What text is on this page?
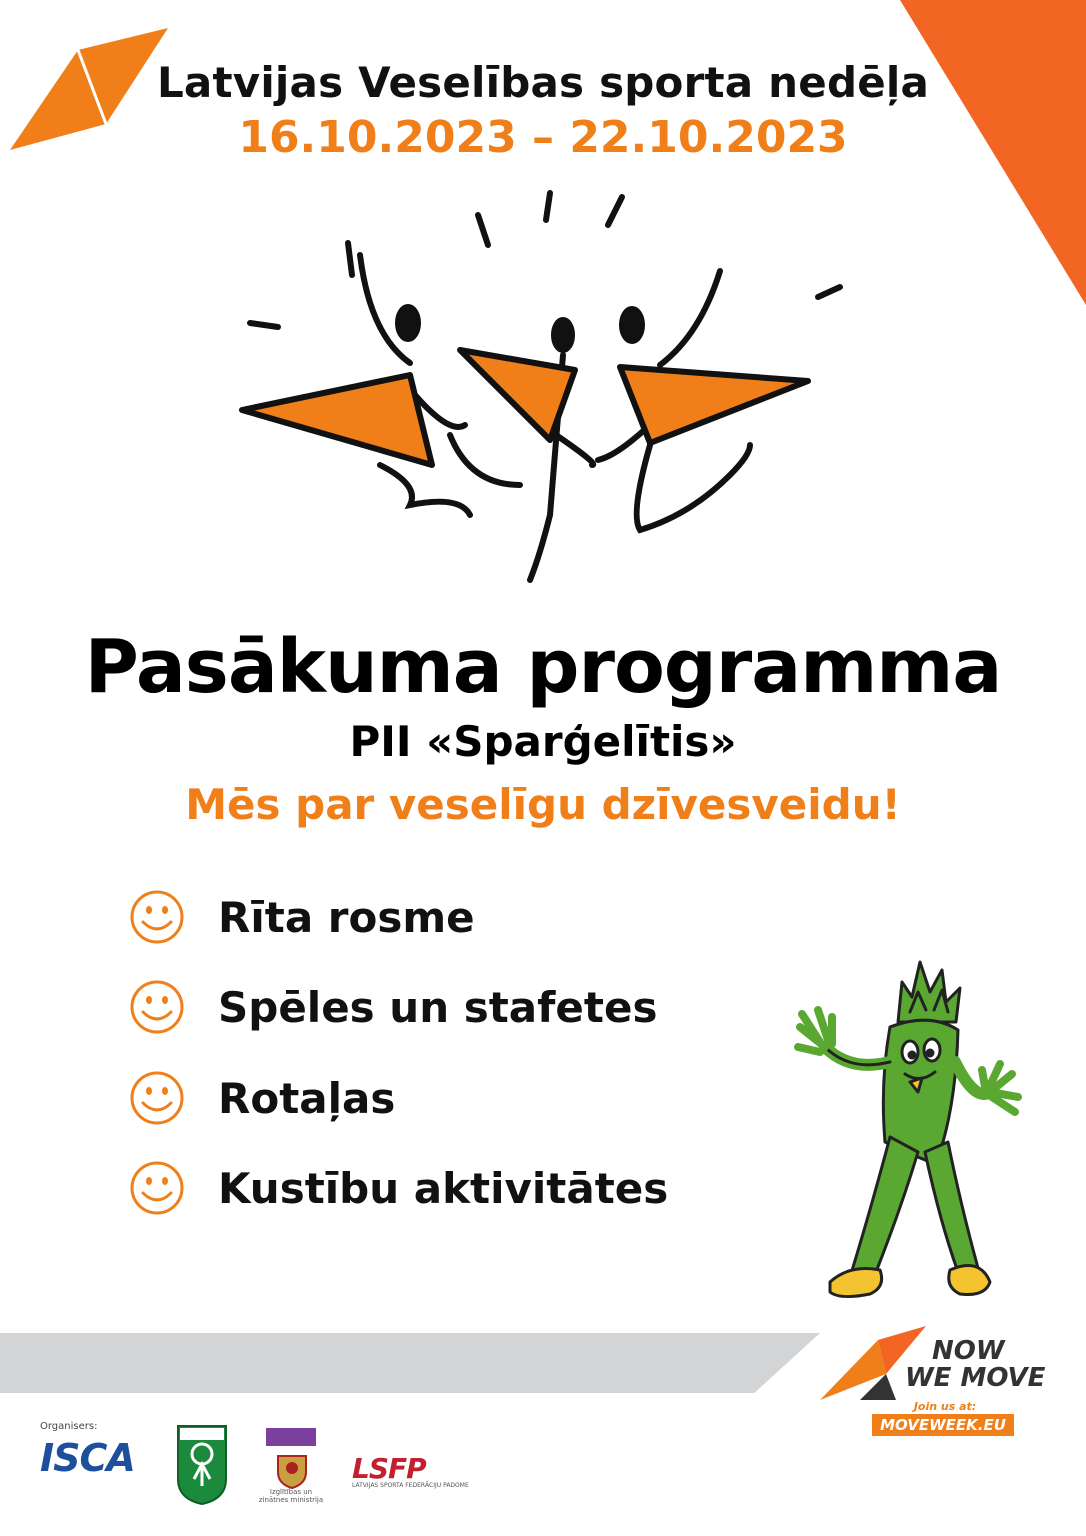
Latvijas Veselības sporta nedēļa
16.10.2023 – 22.10.2023
Pasākuma programma
PII «Sparģelītis»
Mēs par veselīgu dzīvesveidu!
Rīta rosme
Spēles un stafetes
Rotaļas
Kustību aktivitātes
NOW
WE MOVE
Join us at:
MOVEWEEK.EU
Organisers:
ISCA
Izglītības un zinātnes ministrija
LSFP
LATVIJAS SPORTA FEDERĀCIJU PADOME
